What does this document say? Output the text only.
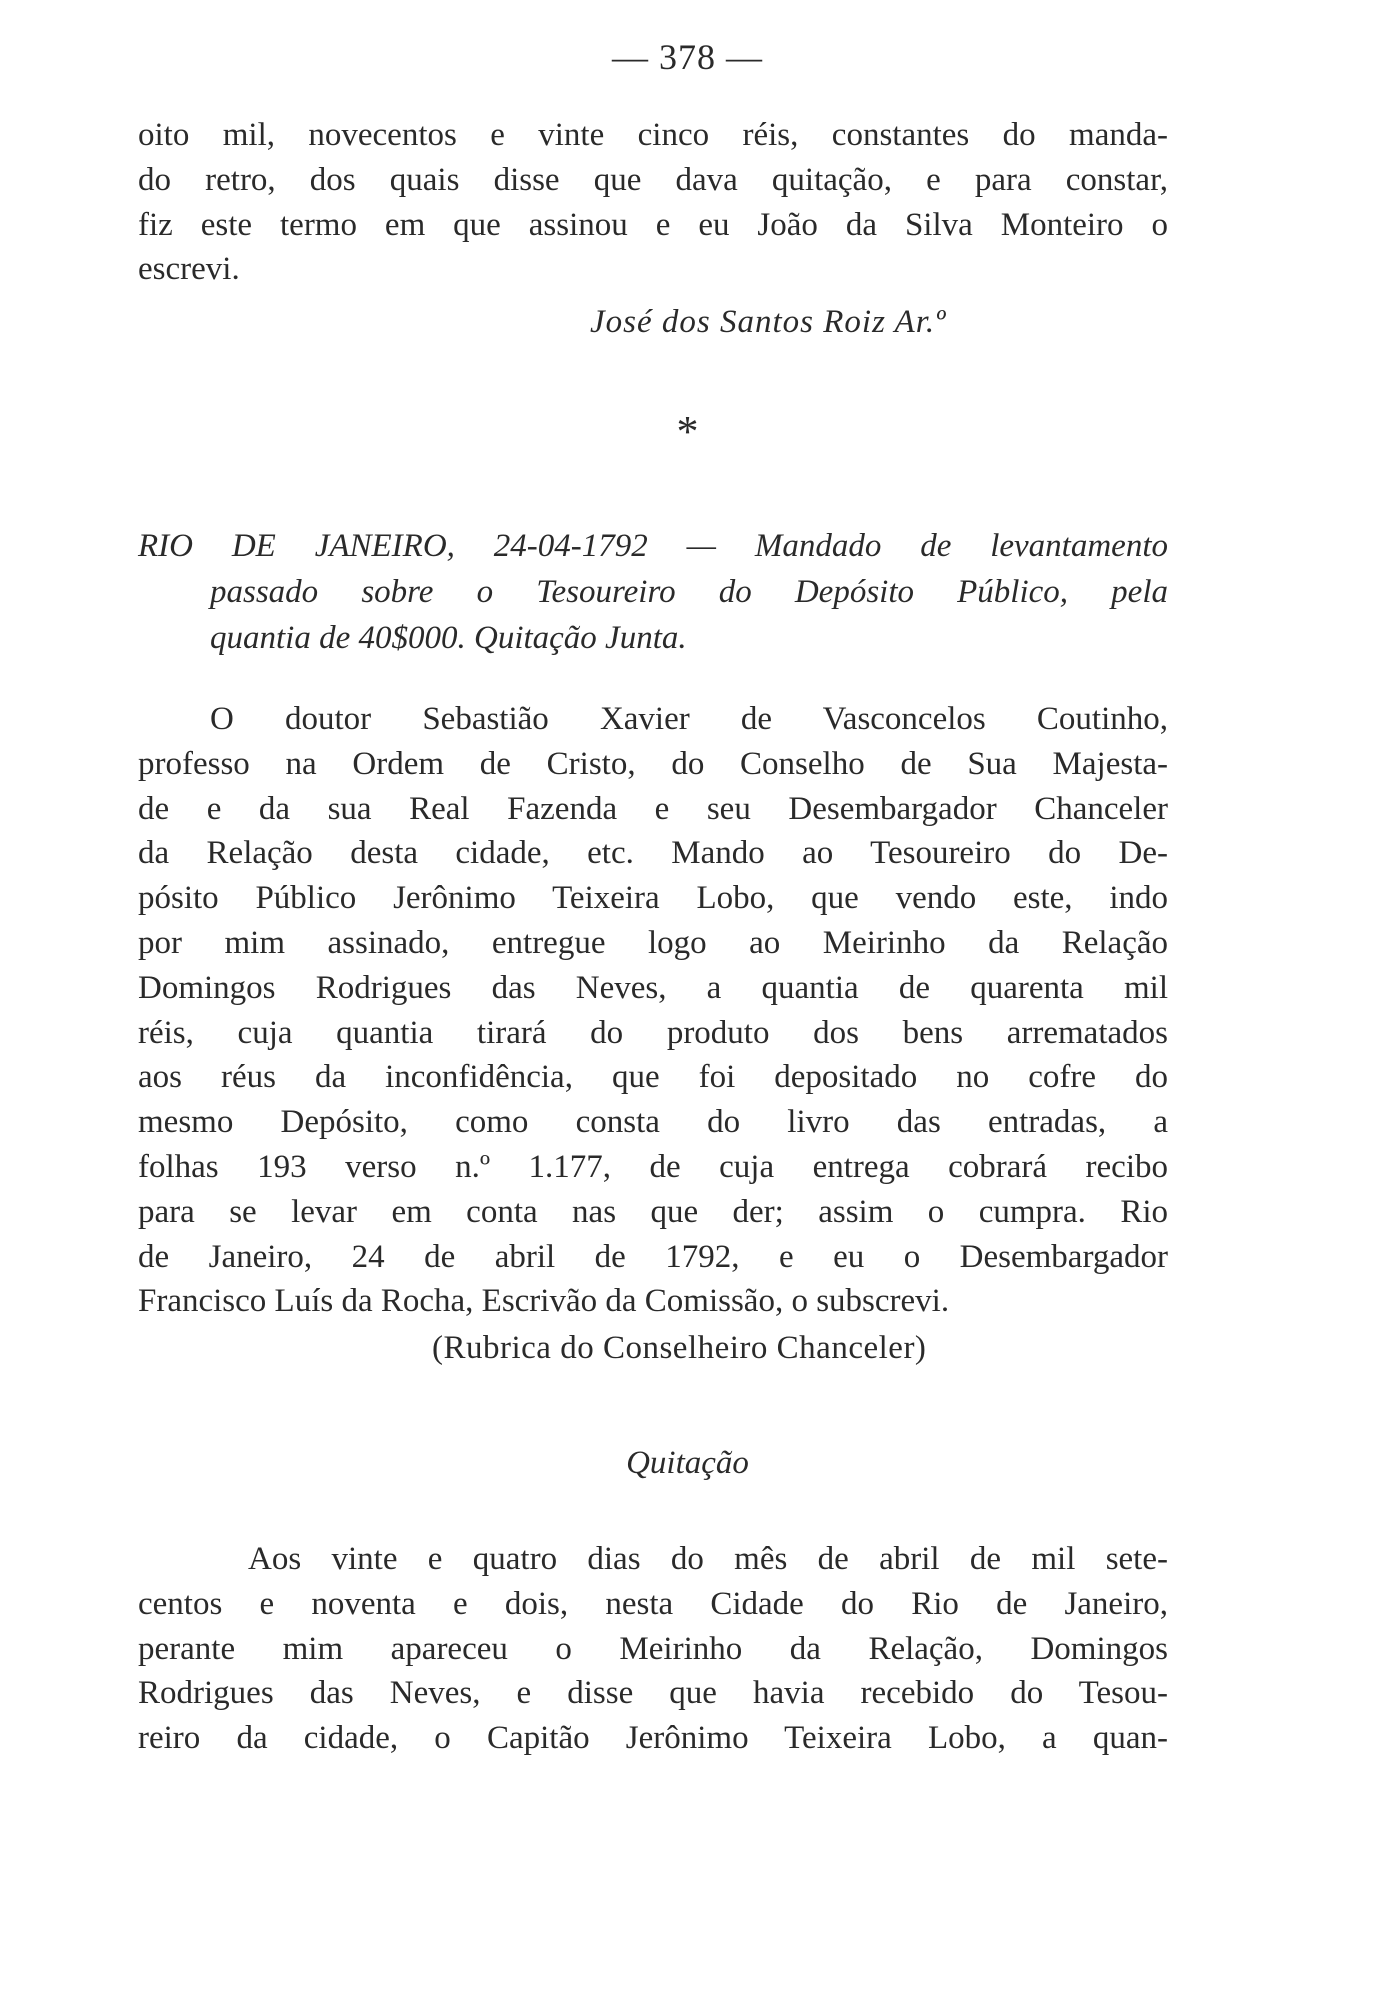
— 378 —
oito mil, novecentos e vinte cinco réis, constantes do manda-
do retro, dos quais disse que dava quitação, e para constar,
fiz este termo em que assinou e eu João da Silva Monteiro o
escrevi.
José dos Santos Roiz Ar.º
*
RIO DE JANEIRO, 24-04-1792 — Mandado de levantamento
passado sobre o Tesoureiro do Depósito Público, pela
quantia de 40$000. Quitação Junta.
O doutor Sebastião Xavier de Vasconcelos Coutinho,
professo na Ordem de Cristo, do Conselho de Sua Majesta-
de e da sua Real Fazenda e seu Desembargador Chanceler
da Relação desta cidade, etc. Mando ao Tesoureiro do De-
pósito Público Jerônimo Teixeira Lobo, que vendo este, indo
por mim assinado, entregue logo ao Meirinho da Relação
Domingos Rodrigues das Neves, a quantia de quarenta mil
réis, cuja quantia tirará do produto dos bens arrematados
aos réus da inconfidência, que foi depositado no cofre do
mesmo Depósito, como consta do livro das entradas, a
folhas 193 verso n.º 1.177, de cuja entrega cobrará recibo
para se levar em conta nas que der; assim o cumpra. Rio
de Janeiro, 24 de abril de 1792, e eu o Desembargador
Francisco Luís da Rocha, Escrivão da Comissão, o subscrevi.
(Rubrica do Conselheiro Chanceler)
Quitação
Aos vinte e quatro dias do mês de abril de mil sete-
centos e noventa e dois, nesta Cidade do Rio de Janeiro,
perante mim apareceu o Meirinho da Relação, Domingos
Rodrigues das Neves, e disse que havia recebido do Tesou-
reiro da cidade, o Capitão Jerônimo Teixeira Lobo, a quan-
